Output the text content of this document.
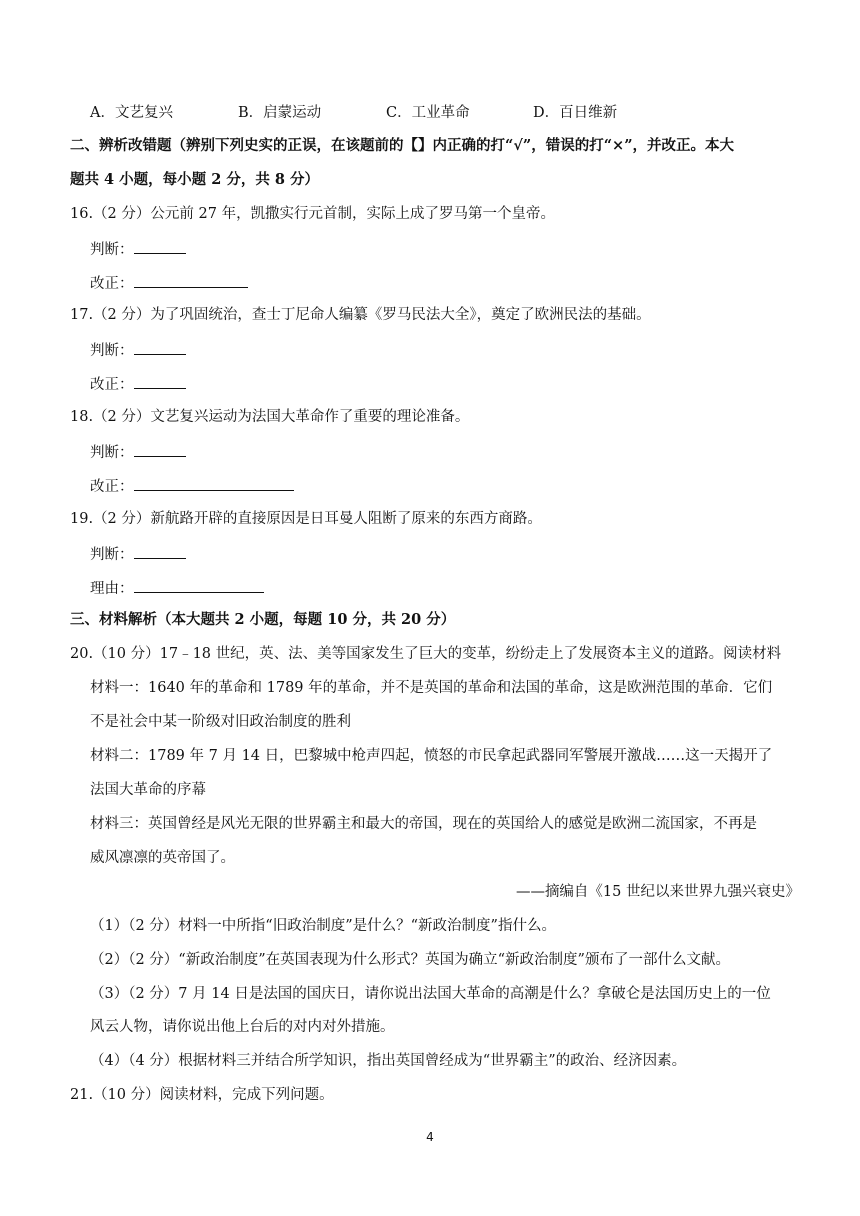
A．文艺复兴	B．启蒙运动	C．工业革命	D．百日维新
二、辨析改错题（辨别下列史实的正误，在该题前的【】内正确的打“√”，错误的打“×”，并改正。本大
题共 4 小题，每小题 2 分，共 8 分）
16.（2 分）公元前 27 年，凯撒实行元首制，实际上成了罗马第一个皇帝。
判断：
改正：
17.（2 分）为了巩固统治，查士丁尼命人编纂《罗马民法大全》，奠定了欧洲民法的基础。
判断：
改正：
18.（2 分）文艺复兴运动为法国大革命作了重要的理论准备。
判断：
改正：
19.（2 分）新航路开辟的直接原因是日耳曼人阻断了原来的东西方商路。
判断：
理由：
三、材料解析（本大题共 2 小题，每题 10 分，共 20 分）
20.（10 分）17﹣18 世纪，英、法、美等国家发生了巨大的变革，纷纷走上了发展资本主义的道路。阅读材料
材料一：1640 年的革命和 1789 年的革命，并不是英国的革命和法国的革命，这是欧洲范围的革命．它们
不是社会中某一阶级对旧政治制度的胜利
材料二：1789 年 7 月 14 日，巴黎城中枪声四起，愤怒的市民拿起武器同军警展开激战……这一天揭开了
法国大革命的序幕
材料三：英国曾经是风光无限的世界霸主和最大的帝国，现在的英国给人的感觉是欧洲二流国家，不再是
威风凛凛的英帝国了。
——摘编自《15 世纪以来世界九强兴衰史》
（1）（2 分）材料一中所指“旧政治制度”是什么？“新政治制度”指什么。
（2）（2 分）“新政治制度”在英国表现为什么形式？英国为确立“新政治制度”颁布了一部什么文献。
（3）（2 分）7 月 14 日是法国的国庆日，请你说出法国大革命的高潮是什么？拿破仑是法国历史上的一位
风云人物，请你说出他上台后的对内对外措施。
（4）（4 分）根据材料三并结合所学知识，指出英国曾经成为“世界霸主”的政治、经济因素。
21.（10 分）阅读材料，完成下列问题。
4
